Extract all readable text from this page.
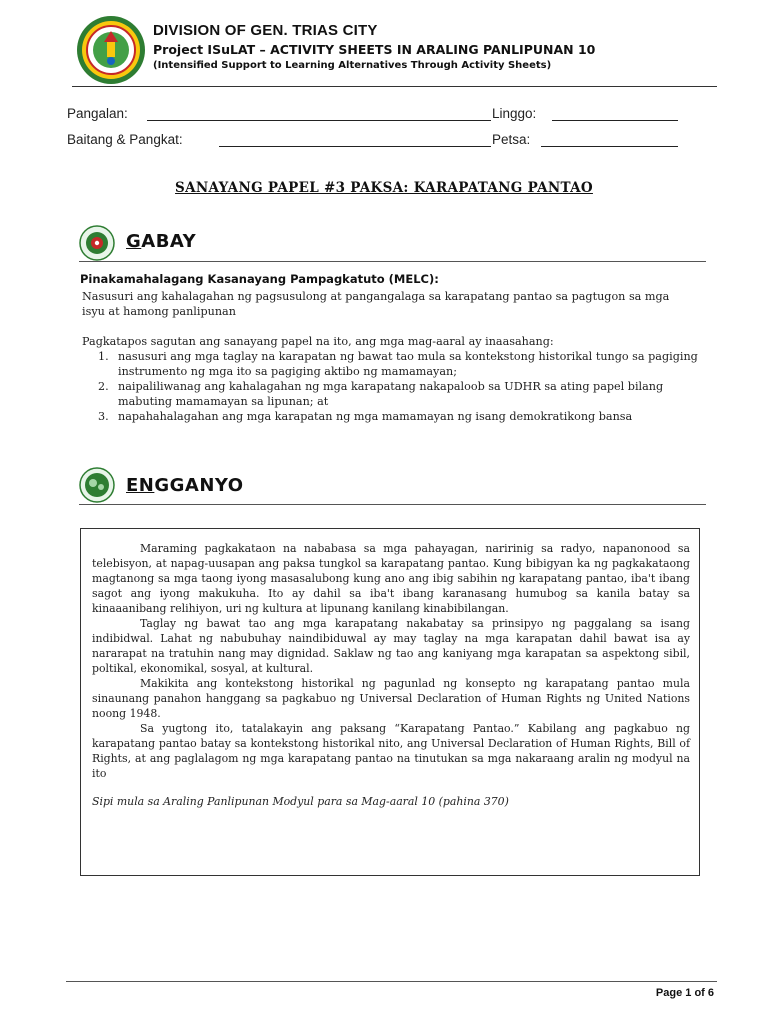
DIVISION OF GEN. TRIAS CITY
Project ISuLAT – ACTIVITY SHEETS IN ARALING PANLIPUNAN 10
(Intensified Support to Learning Alternatives Through Activity Sheets)
Pangalan:	Linggo:
Baitang & Pangkat:	Petsa:
SANAYANG PAPEL #3 PAKSA: KARAPATANG PANTAO
GABAY
Pinakamahalagang Kasanayang Pampagkatuto (MELC):
Nasusuri ang kahalagahan ng pagsusulong at pangangalaga sa karapatang pantao sa pagtugon sa mga isyu at hamong panlipunan
Pagkatapos sagutan ang sanayang papel na ito, ang mga mag-aaral ay inaasahang:
1. nasusuri ang mga taglay na karapatan ng bawat tao mula sa kontekstong historikal tungo sa pagiging instrumento ng mga ito sa pagiging aktibo ng mamamayan;
2. naipaliliwanag ang kahalagahan ng mga karapatang nakapaloob sa UDHR sa ating papel bilang mabuting mamamayan sa lipunan; at
3. napahahalagahan ang mga karapatan ng mga mamamayan ng isang demokratikong bansa
ENGGANYO

Maraming pagkakataon na nababasa sa mga pahayagan, naririnig sa radyo, napanonood sa telebisyon, at napag-uusapan ang paksa tungkol sa karapatang pantao. Kung bibigyan ka ng pagkakataong magtanong sa mga taong iyong masasalubong kung ano ang ibig sabihin ng karapatang pantao, iba't ibang sagot ang iyong makukuha. Ito ay dahil sa iba't ibang karanasang humubog sa kanila batay sa kinaaanibang relihiyon, uri ng kultura at lipunang kanilang kinabibilangan.

Taglay ng bawat tao ang mga karapatang nakabatay sa prinsipyo ng paggalang sa isang indibidwal. Lahat ng nabubuhay naindibiduwal ay may taglay na mga karapatan dahil bawat isa ay nararapat na tratuhin nang may dignidad. Saklaw ng tao ang kaniyang mga karapatan sa aspektong sibil, poltikal, ekonomikal, sosyal, at kultural.

Makikita ang kontekstong historikal ng pagunlad ng konsepto ng karapatang pantao mula sinaunang panahon hanggang sa pagkabuo ng Universal Declaration of Human Rights ng United Nations noong 1948.

Sa yugtong ito, tatalakayin ang paksang “Karapatang Pantao.” Kabilang ang pagkabuo ng karapatang pantao batay sa kontekstong historikal nito, ang Universal Declaration of Human Rights, Bill of Rights, at ang paglalagom ng mga karapatang pantao na tinutukan sa mga nakaraang aralin ng modyul na ito

Sipi mula sa Araling Panlipunan Modyul para sa Mag-aaral 10 (pahina 370)

Page 1 of 6
